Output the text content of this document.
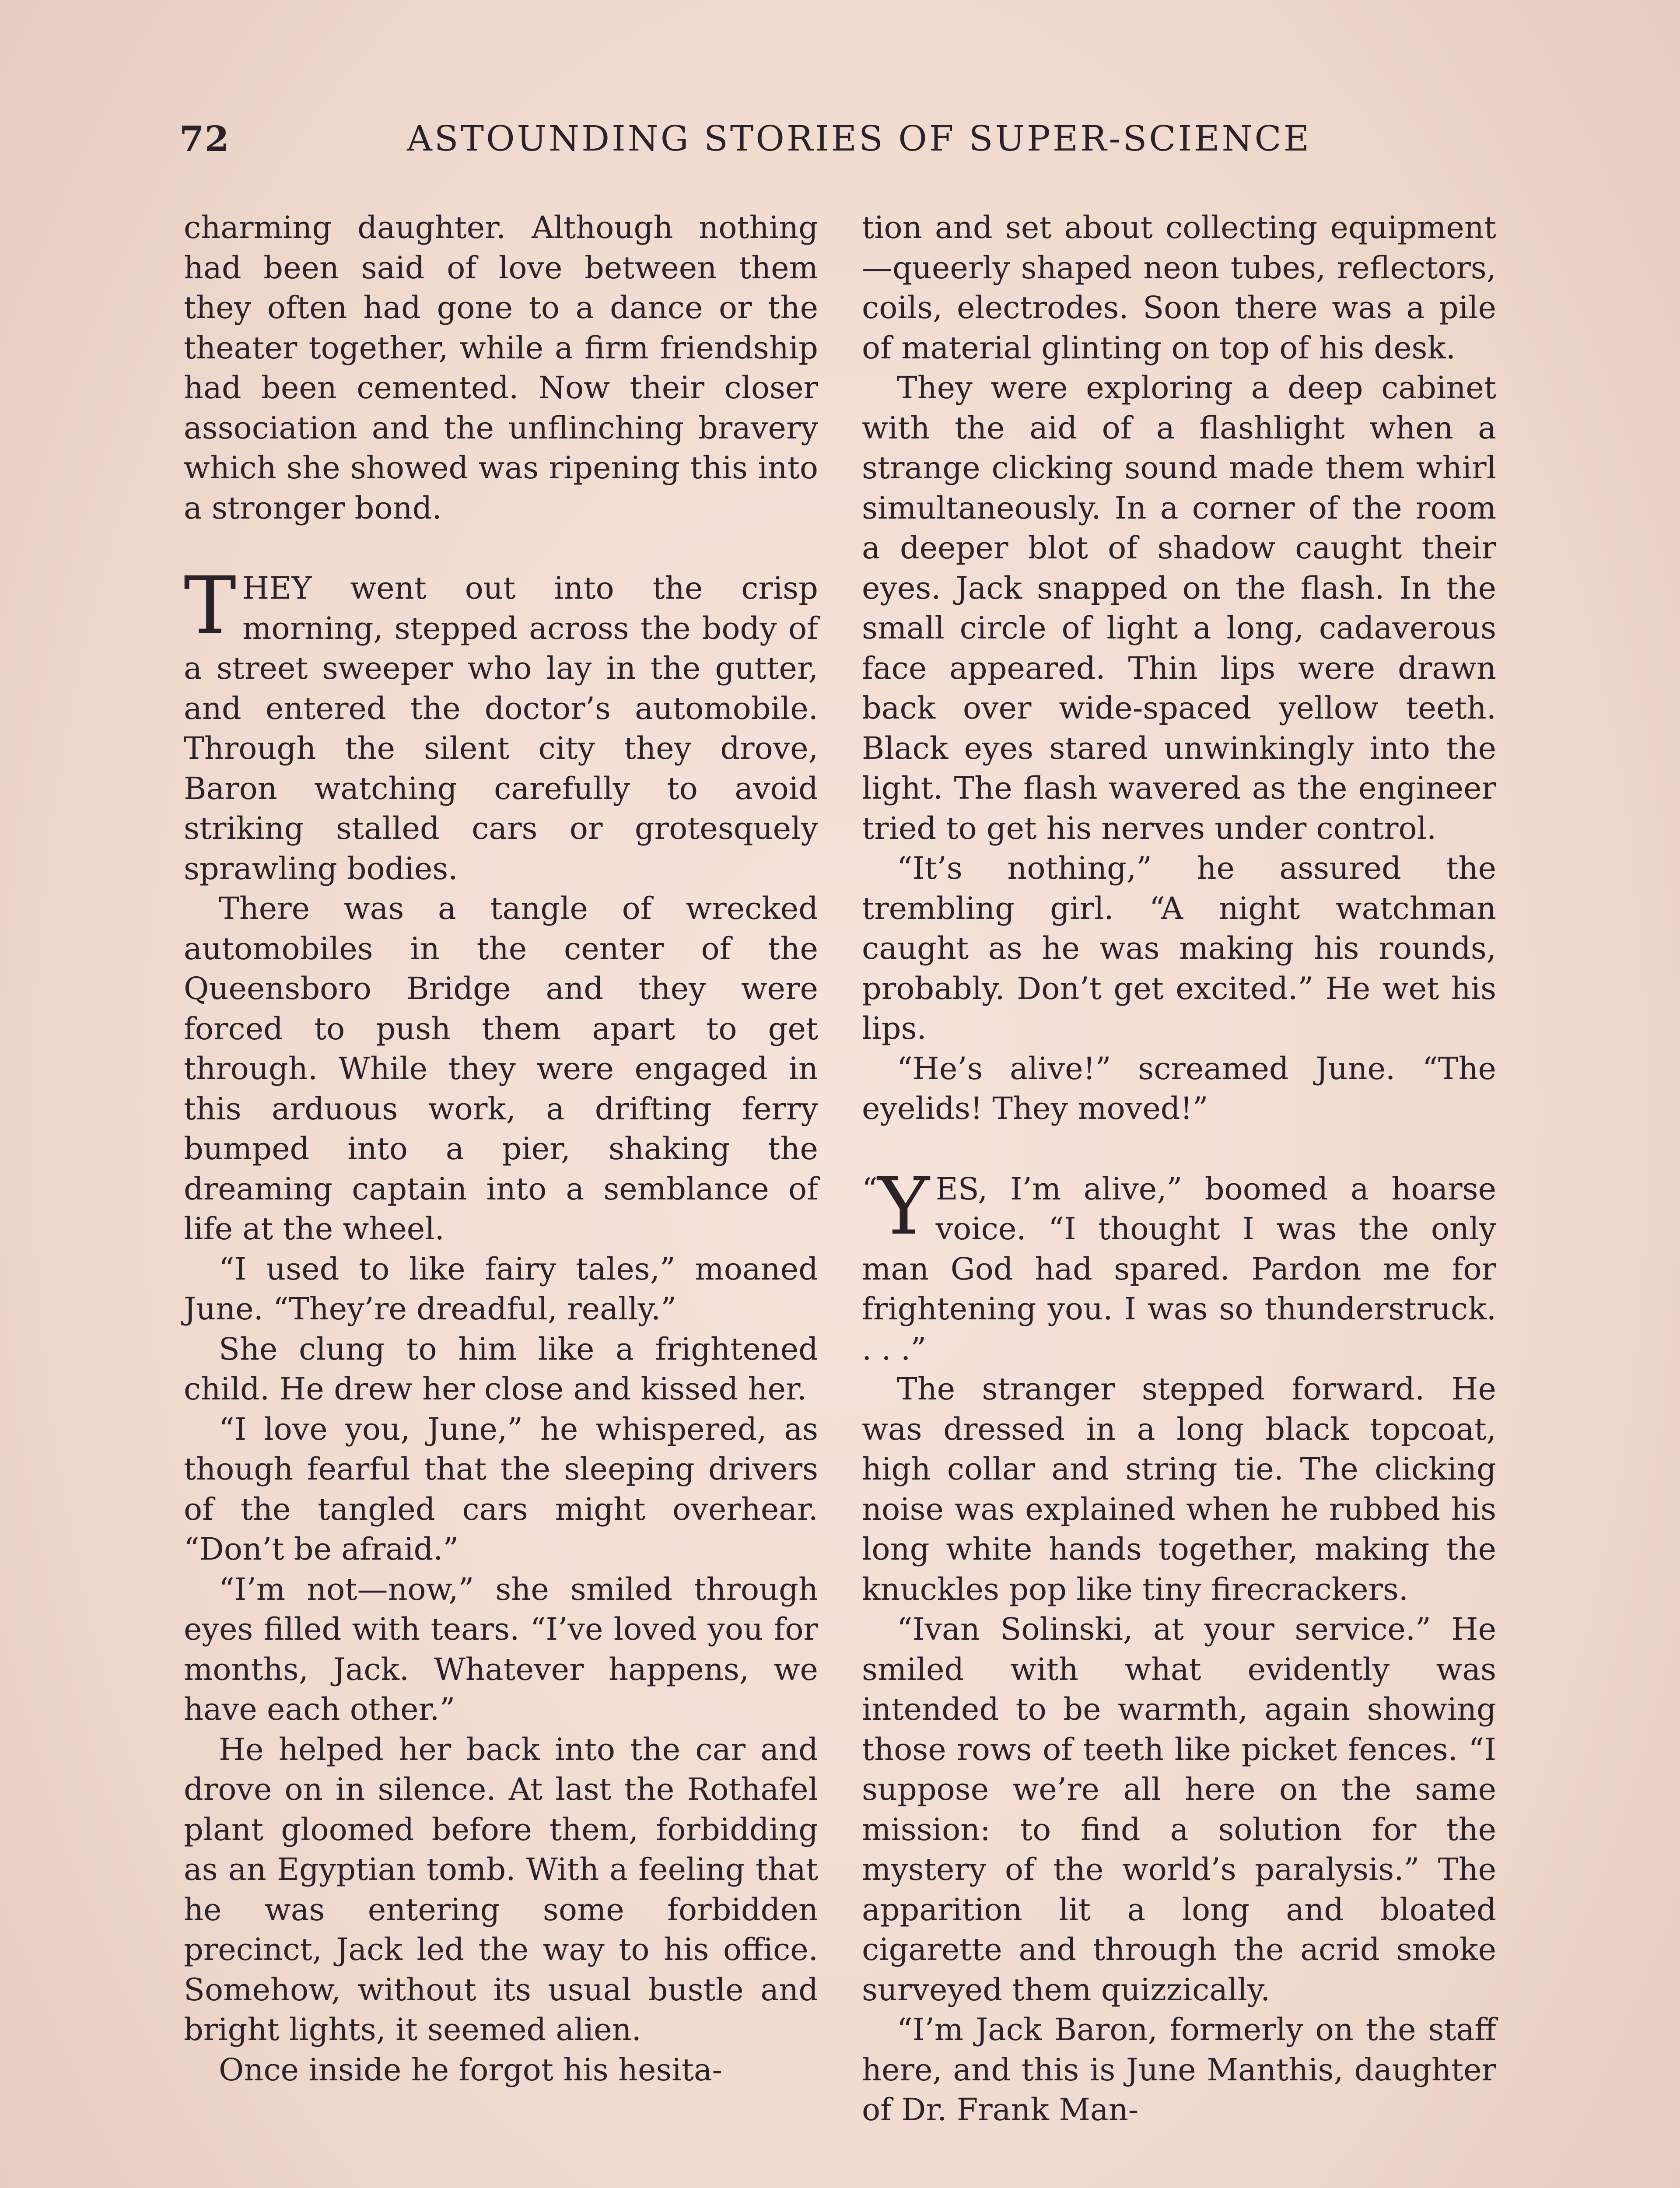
72	ASTOUNDING STORIES OF SUPER-SCIENCE

charming daughter. Although nothing had been said of love between them they often had gone to a dance or the theater together, while a firm friendship had been cemented. Now their closer association and the unflinching bravery which she showed was ripening this into a stronger bond.

THEY went out into the crisp morning, stepped across the body of a street sweeper who lay in the gutter, and entered the doctor’s automobile. Through the silent city they drove, Baron watching carefully to avoid striking stalled cars or grotesquely sprawling bodies.

There was a tangle of wrecked automobiles in the center of the Queensboro Bridge and they were forced to push them apart to get through. While they were engaged in this arduous work, a drifting ferry bumped into a pier, shaking the dreaming captain into a semblance of life at the wheel.

“I used to like fairy tales,” moaned June. “They’re dreadful, really.”

She clung to him like a frightened child. He drew her close and kissed her.

“I love you, June,” he whispered, as though fearful that the sleeping drivers of the tangled cars might overhear. “Don’t be afraid.”

“I’m not—now,” she smiled through eyes filled with tears. “I’ve loved you for months, Jack. Whatever happens, we have each other.”

He helped her back into the car and drove on in silence. At last the Rothafel plant gloomed before them, forbidding as an Egyptian tomb. With a feeling that he was entering some forbidden precinct, Jack led the way to his office. Somehow, without its usual bustle and bright lights, it seemed alien.

Once inside he forgot his hesita-

tion and set about collecting equipment—queerly shaped neon tubes, reflectors, coils, electrodes. Soon there was a pile of material glinting on top of his desk.

They were exploring a deep cabinet with the aid of a flashlight when a strange clicking sound made them whirl simultaneously. In a corner of the room a deeper blot of shadow caught their eyes. Jack snapped on the flash. In the small circle of light a long, cadaverous face appeared. Thin lips were drawn back over wide-spaced yellow teeth. Black eyes stared unwinkingly into the light. The flash wavered as the engineer tried to get his nerves under control.

“It’s nothing,” he assured the trembling girl. “A night watchman caught as he was making his rounds, probably. Don’t get excited.” He wet his lips.

“He’s alive!” screamed June. “The eyelids! They moved!”

“ Y ES, I’m alive,” boomed a hoarse voice. “I thought I was the only man God had spared. Pardon me for frightening you. I was so thunderstruck. . . .”

The stranger stepped forward. He was dressed in a long black topcoat, high collar and string tie. The clicking noise was explained when he rubbed his long white hands together, making the knuckles pop like tiny firecrackers.

“Ivan Solinski, at your service.” He smiled with what evidently was intended to be warmth, again showing those rows of teeth like picket fences. “I suppose we’re all here on the same mission: to find a solution for the mystery of the world’s paralysis.” The apparition lit a long and bloated cigarette and through the acrid smoke surveyed them quizzically.

“I’m Jack Baron, formerly on the staff here, and this is June Manthis, daughter of Dr. Frank Man-
